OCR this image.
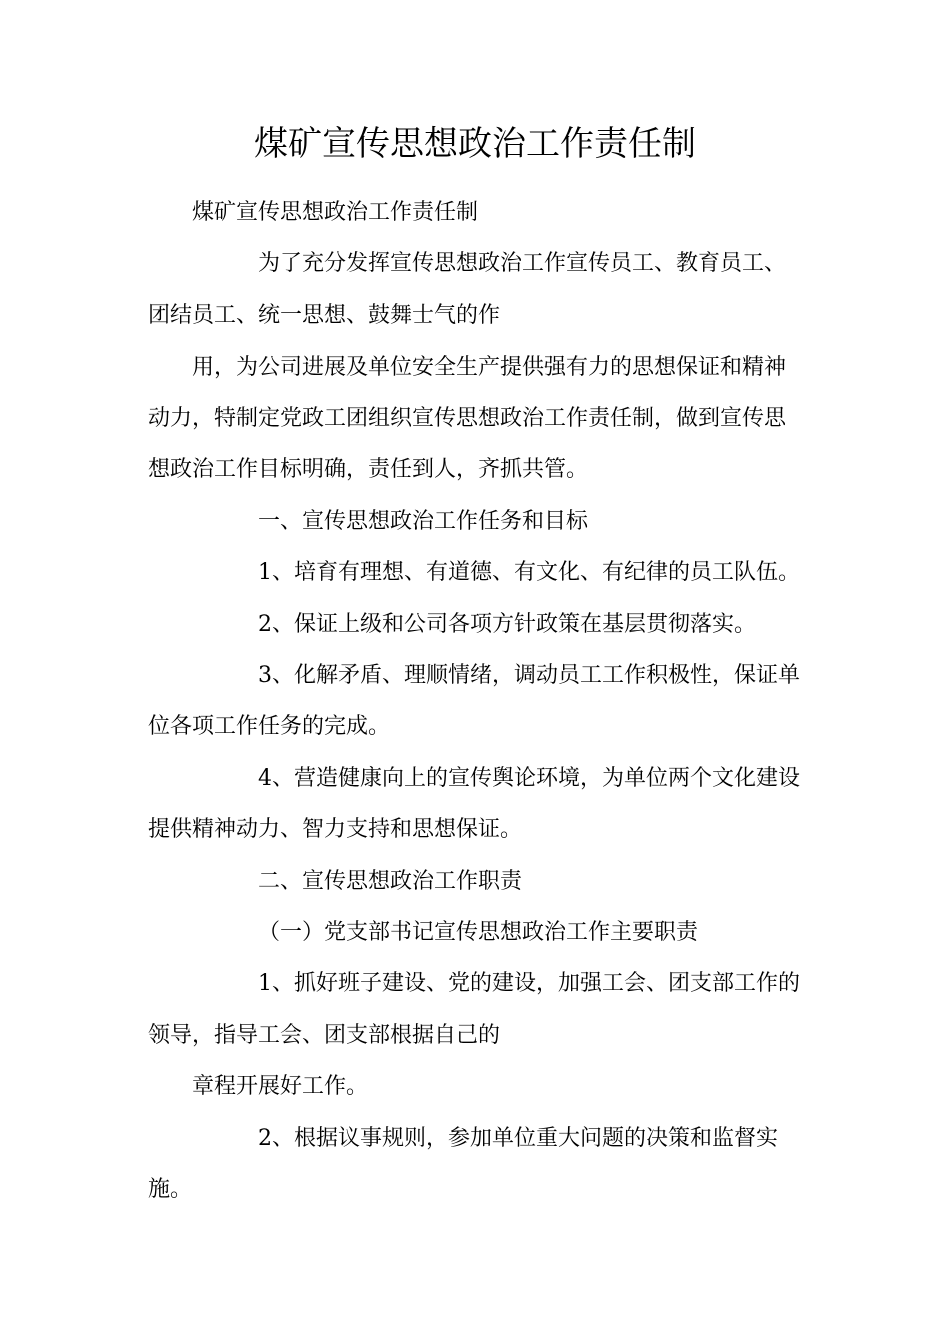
煤矿宣传思想政治工作责任制
煤矿宣传思想政治工作责任制
为了充分发挥宣传思想政治工作宣传员工、教育员工、
团结员工、统一思想、鼓舞士气的作
用，为公司进展及单位安全生产提供强有力的思想保证和精神
动力，特制定党政工团组织宣传思想政治工作责任制，做到宣传思
想政治工作目标明确，责任到人，齐抓共管。
一、宣传思想政治工作任务和目标
1、培育有理想、有道德、有文化、有纪律的员工队伍。
2、保证上级和公司各项方针政策在基层贯彻落实。
3、化解矛盾、理顺情绪，调动员工工作积极性，保证单
位各项工作任务的完成。
4、营造健康向上的宣传舆论环境，为单位两个文化建设
提供精神动力、智力支持和思想保证。
二、宣传思想政治工作职责
（一）党支部书记宣传思想政治工作主要职责
1、抓好班子建设、党的建设，加强工会、团支部工作的
领导，指导工会、团支部根据自己的
章程开展好工作。
2、根据议事规则，参加单位重大问题的决策和监督实
施。
